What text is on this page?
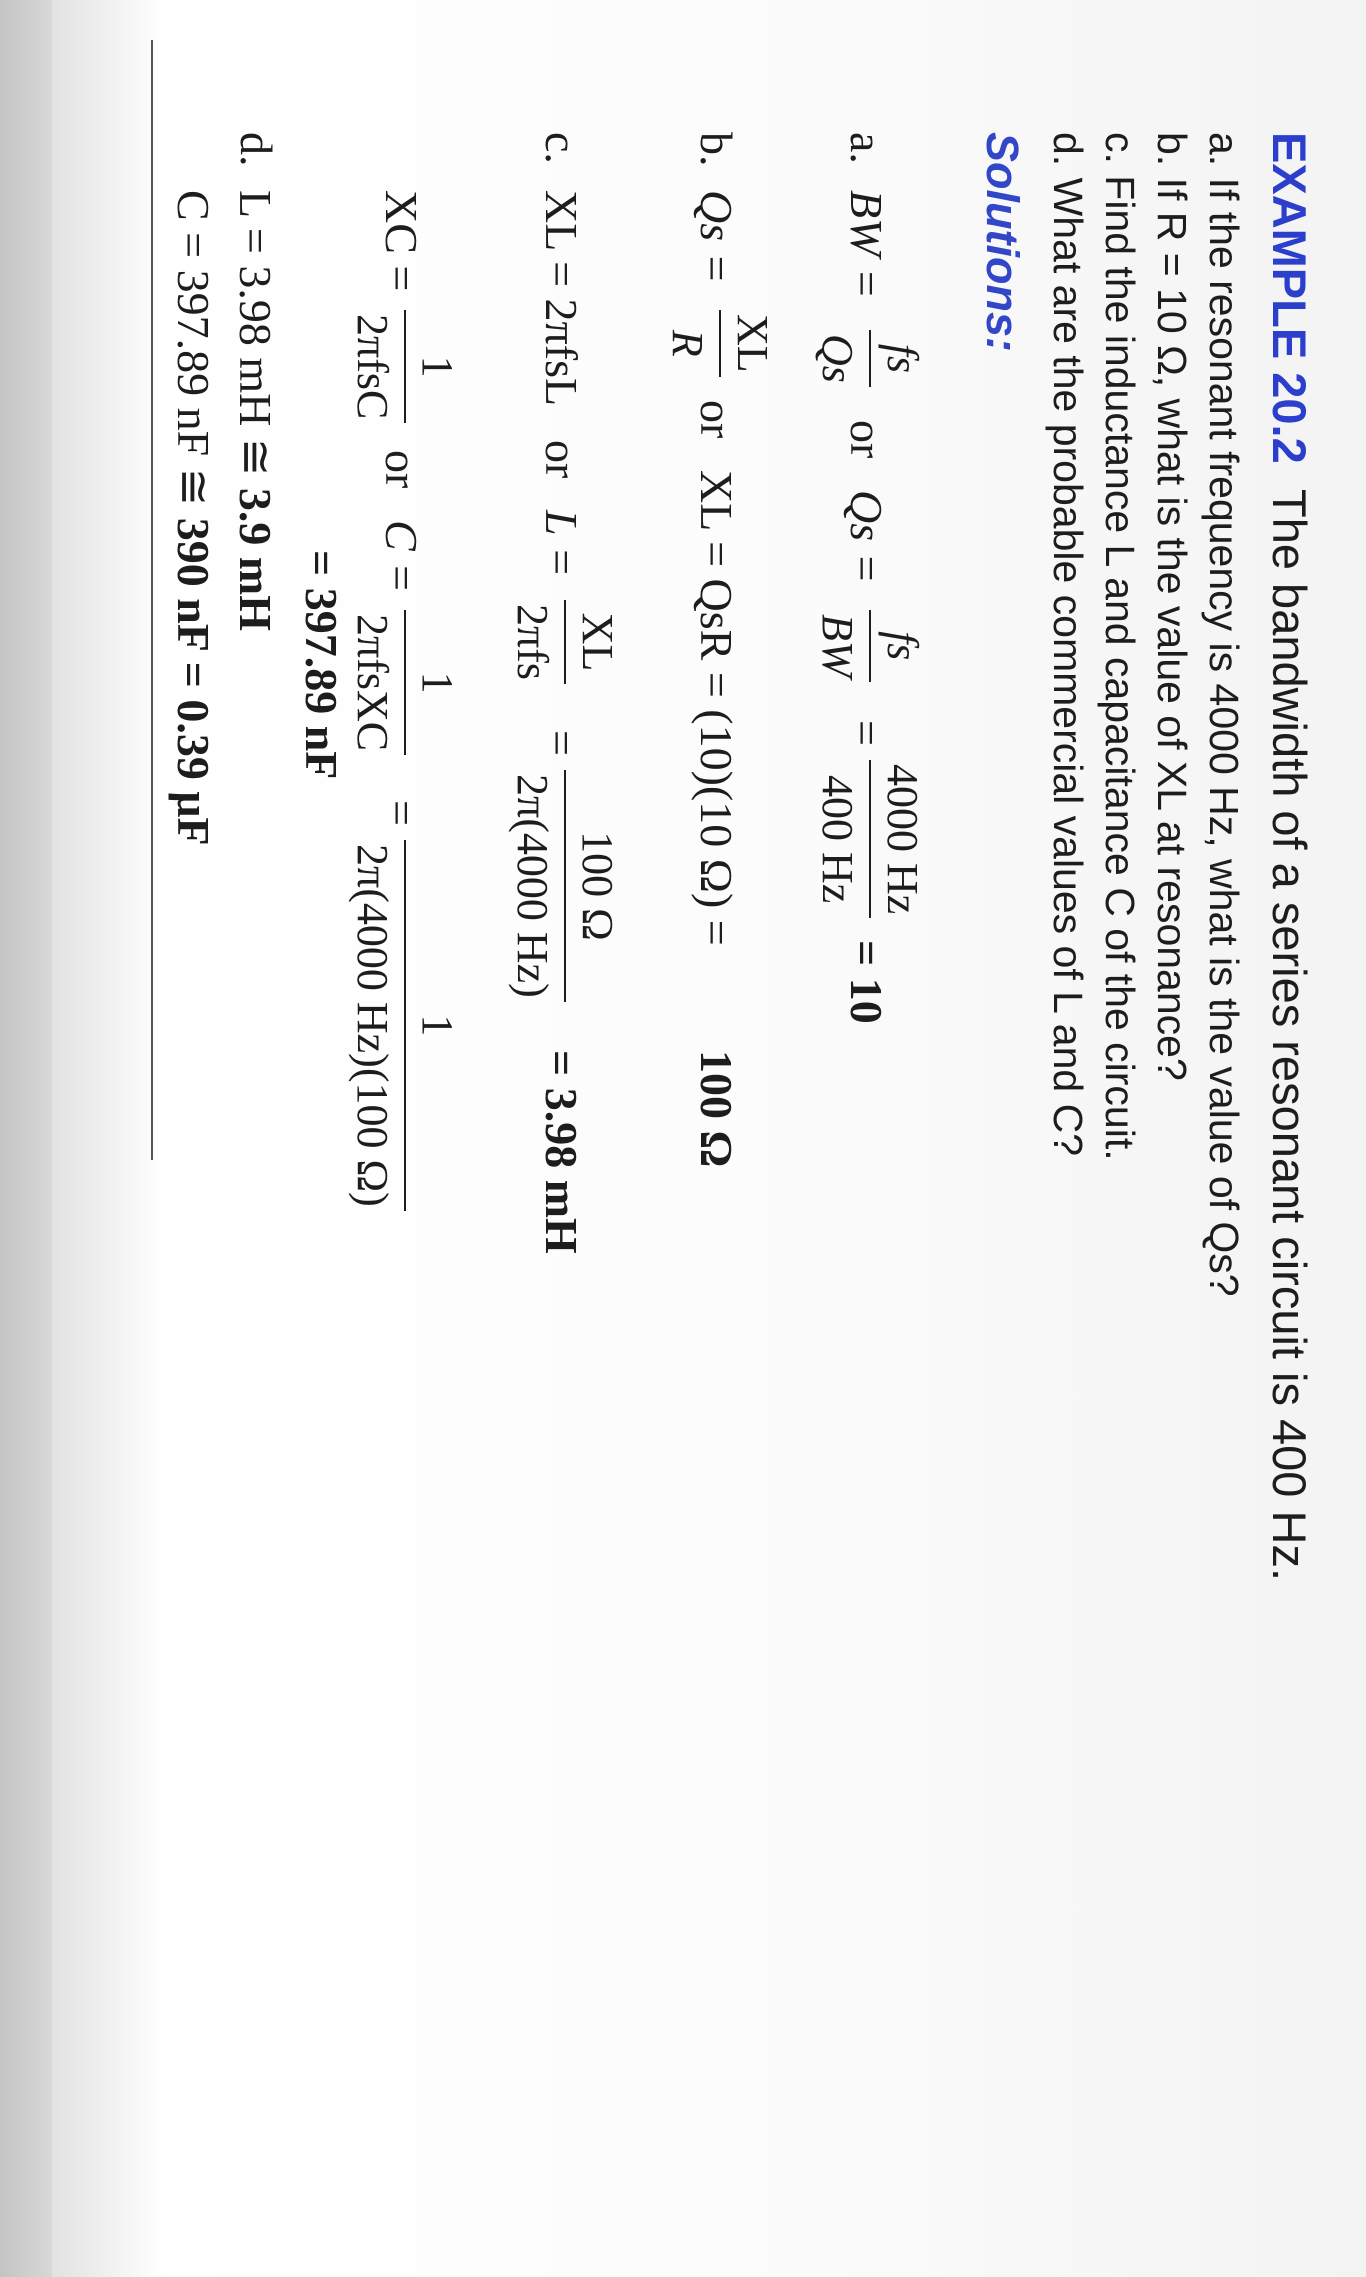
EXAMPLE 20.2  The bandwidth of a series resonant circuit is 400 Hz.
a. If the resonant frequency is 4000 Hz, what is the value of Qs?
b. If R = 10 Ω, what is the value of XL at resonance?
c. Find the inductance L and capacitance C of the circuit.
d. What are the probable commercial values of L and C?
Solutions:
a.
BW =
fs
Qs
or
Qs =
fs
BW
=
4000 Hz
400 Hz
= 10
b.
Qs =
XL
R
or
XL = QsR = (10)(10 Ω) =
100 Ω
c.
XL = 2πfsL
or
L =
XL
2πfs
=
100 Ω
2π(4000 Hz)
= 3.98 mH
XC =
1
2πfsC
or
C =
1
2πfsXC
=
1
2π(4000 Hz)(100 Ω)
= 397.89 nF
d.
L = 3.98 mH ≅ 3.9 mH
C = 397.89 nF ≅ 390 nF = 0.39 μF
